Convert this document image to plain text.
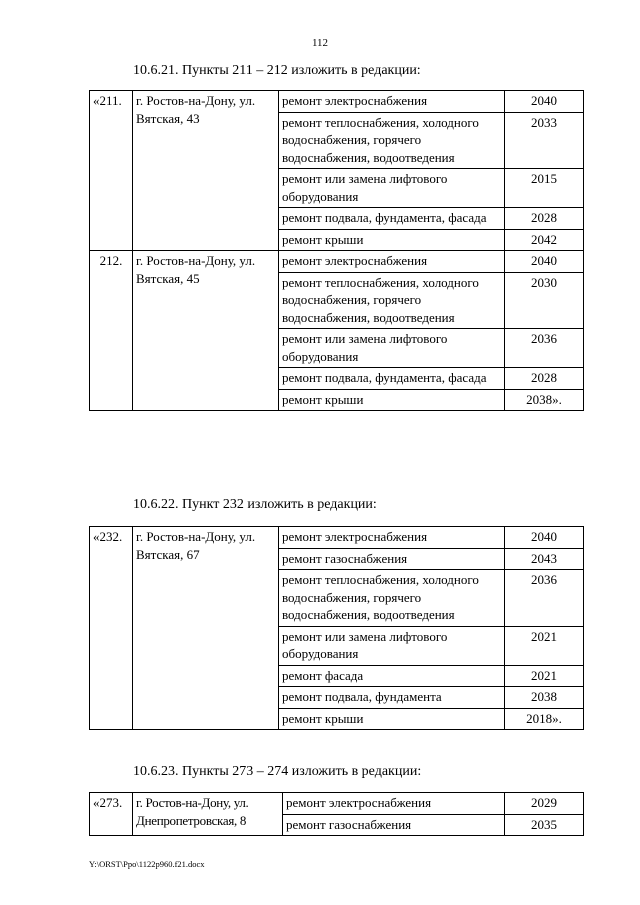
112
10.6.21. Пункты 211 – 212 изложить в редакции:
«211.	г. Ростов-на-Дону, ул. Вятская, 43	ремонт электроснабжения	2040
		ремонт теплоснабжения, холодного водоснабжения, горячего водоснабжения, водоотведения	2033
		ремонт или замена лифтового оборудования	2015
		ремонт подвала, фундамента, фасада	2028
		ремонт крыши	2042
212.	г. Ростов-на-Дону, ул. Вятская, 45	ремонт электроснабжения	2040
		ремонт теплоснабжения, холодного водоснабжения, горячего водоснабжения, водоотведения	2030
		ремонт или замена лифтового оборудования	2036
		ремонт подвала, фундамента, фасада	2028
		ремонт крыши	2038».
10.6.22. Пункт 232 изложить в редакции:
«232.	г. Ростов-на-Дону, ул. Вятская, 67	ремонт электроснабжения	2040
		ремонт газоснабжения	2043
		ремонт теплоснабжения, холодного водоснабжения, горячего водоснабжения, водоотведения	2036
		ремонт или замена лифтового оборудования	2021
		ремонт фасада	2021
		ремонт подвала, фундамента	2038
		ремонт крыши	2018».
10.6.23. Пункты 273 – 274 изложить в редакции:
«273.	г. Ростов-на-Дону, ул. Днепропетровская, 8	ремонт электроснабжения	2029
		ремонт газоснабжения	2035
Y:\ORST\Ppo\1122p960.f21.docx
